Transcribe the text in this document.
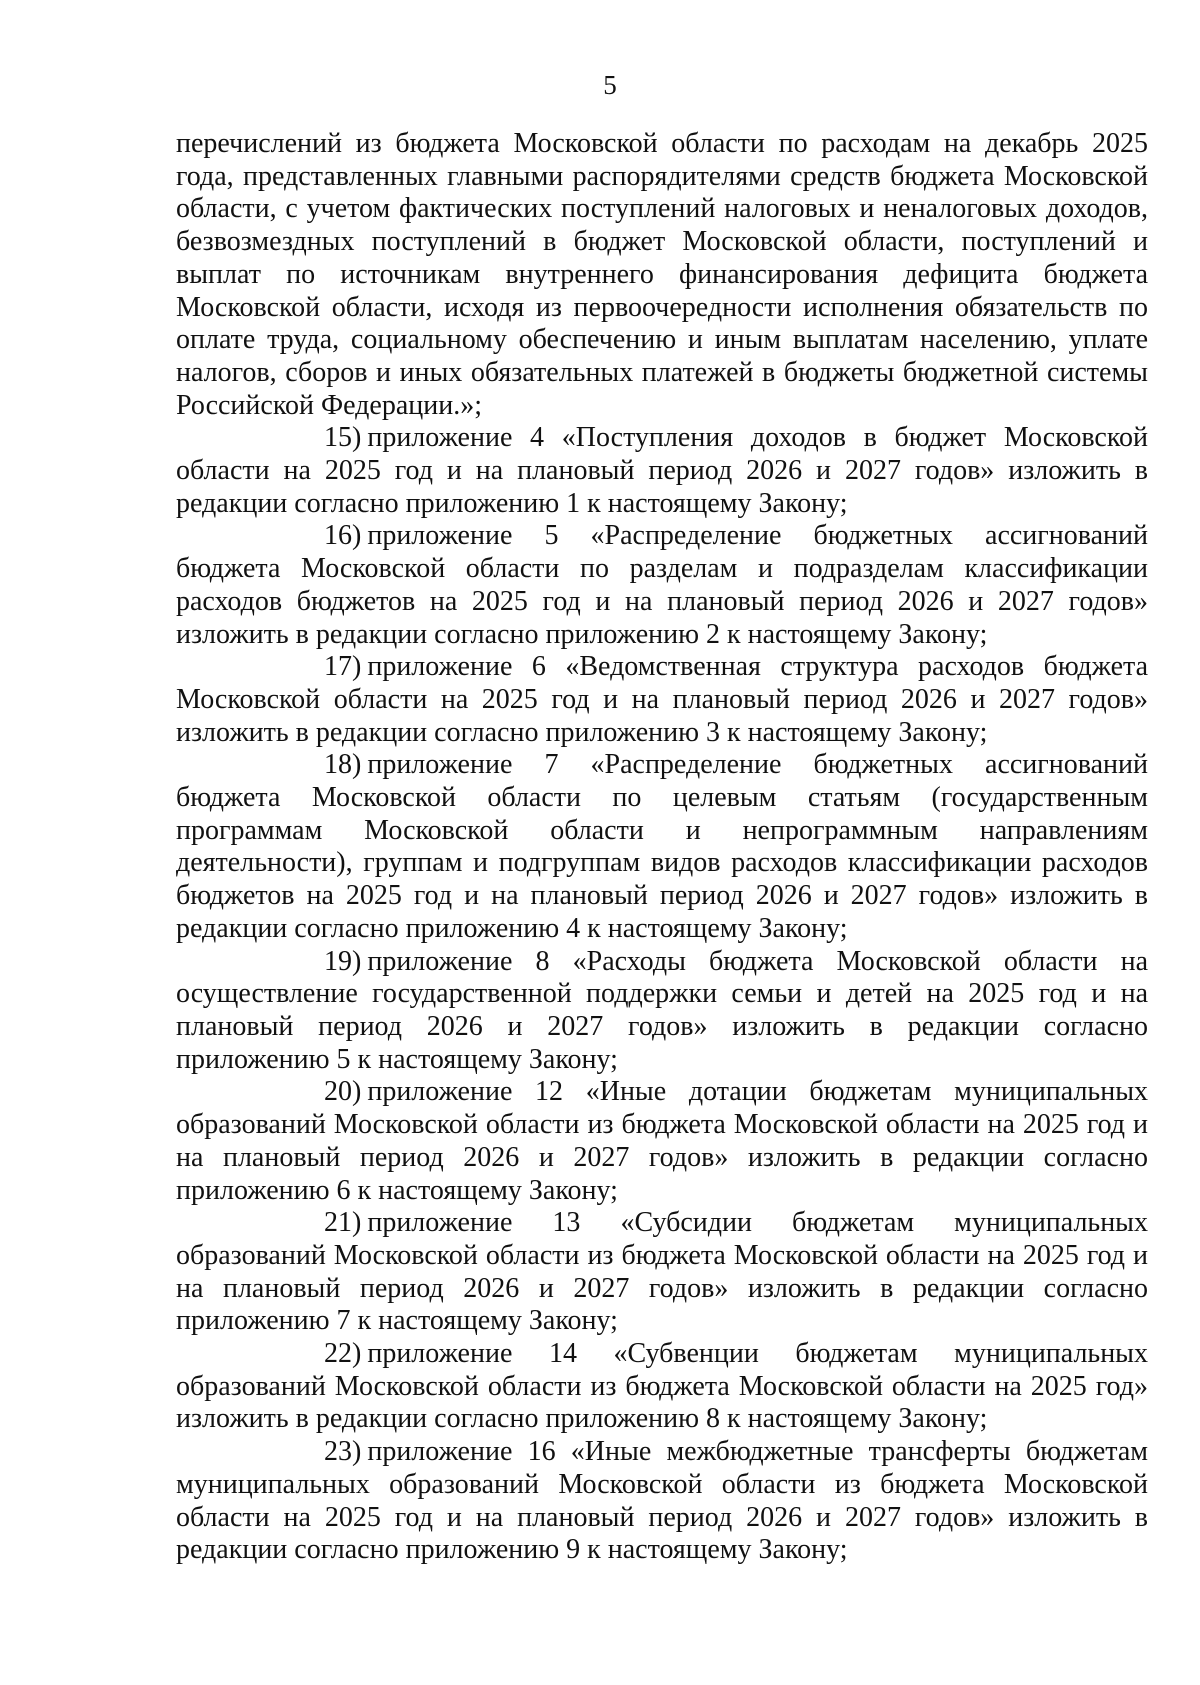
5

перечислений из бюджета Московской области по расходам на декабрь 2025 года, представленных главными распорядителями средств бюджета Московской области, с учетом фактических поступлений налоговых и неналоговых доходов, безвозмездных поступлений в бюджет Московской области, поступлений и выплат по источникам внутреннего финансирования дефицита бюджета Московской области, исходя из первоочередности исполнения обязательств по оплате труда, социальному обеспечению и иным выплатам населению, уплате налогов, сборов и иных обязательных платежей в бюджеты бюджетной системы Российской Федерации.»;

15) приложение 4 «Поступления доходов в бюджет Московской области на 2025 год и на плановый период 2026 и 2027 годов» изложить в редакции согласно приложению 1 к настоящему Закону;

16) приложение 5 «Распределение бюджетных ассигнований бюджета Московской области по разделам и подразделам классификации расходов бюджетов на 2025 год и на плановый период 2026 и 2027 годов» изложить в редакции согласно приложению 2 к настоящему Закону;

17) приложение 6 «Ведомственная структура расходов бюджета Московской области на 2025 год и на плановый период 2026 и 2027 годов» изложить в редакции согласно приложению 3 к настоящему Закону;

18) приложение 7 «Распределение бюджетных ассигнований бюджета Московской области по целевым статьям (государственным программам Московской области и непрограммным направлениям деятельности), группам и подгруппам видов расходов классификации расходов бюджетов на 2025 год и на плановый период 2026 и 2027 годов» изложить в редакции согласно приложению 4 к настоящему Закону;

19) приложение 8 «Расходы бюджета Московской области на осуществление государственной поддержки семьи и детей на 2025 год и на плановый период 2026 и 2027 годов» изложить в редакции согласно приложению 5 к настоящему Закону;

20) приложение 12 «Иные дотации бюджетам муниципальных образований Московской области из бюджета Московской области на 2025 год и на плановый период 2026 и 2027 годов» изложить в редакции согласно приложению 6 к настоящему Закону;

21) приложение 13 «Субсидии бюджетам муниципальных образований Московской области из бюджета Московской области на 2025 год и на плановый период 2026 и 2027 годов» изложить в редакции согласно приложению 7 к настоящему Закону;

22) приложение 14 «Субвенции бюджетам муниципальных образований Московской области из бюджета Московской области на 2025 год» изложить в редакции согласно приложению 8 к настоящему Закону;

23) приложение 16 «Иные межбюджетные трансферты бюджетам муниципальных образований Московской области из бюджета Московской области на 2025 год и на плановый период 2026 и 2027 годов» изложить в редакции согласно приложению 9 к настоящему Закону;
